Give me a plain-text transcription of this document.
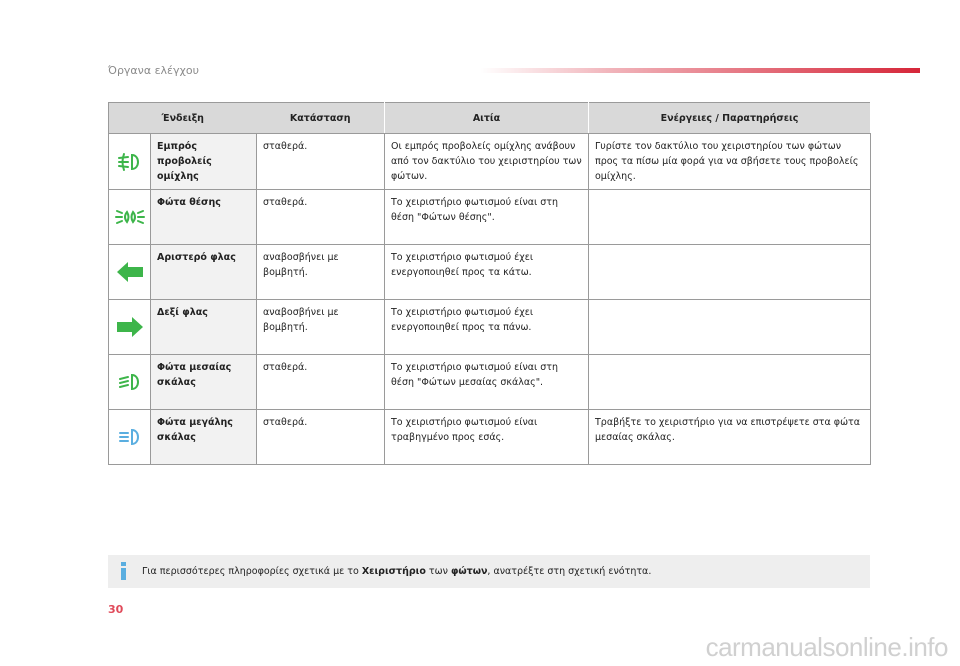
Όργανα ελέγχου
Ένδειξη		Κατάσταση	Αιτία	Ενέργειες / Παρατηρήσεις

	Εμπρός προβολείς ομίχλης	σταθερά.	Οι εμπρός προβολείς ομίχλης ανάβουν από τον δακτύλιο του χειριστηρίου των φώτων.	Γυρίστε τον δακτύλιο του χειριστηρίου των φώτων προς τα πίσω μία φορά για να σβήσετε τους προβολείς ομίχλης.

	Φώτα θέσης	σταθερά.	Το χειριστήριο φωτισμού είναι στη θέση "Φώτων θέσης".	

	Αριστερό φλας	αναβοσβήνει με βομβητή.	Το χειριστήριο φωτισμού έχει ενεργοποιηθεί προς τα κάτω.	

	Δεξί φλας	αναβοσβήνει με βομβητή.	Το χειριστήριο φωτισμού έχει ενεργοποιηθεί προς τα πάνω.	

	Φώτα μεσαίας σκάλας	σταθερά.	Το χειριστήριο φωτισμού είναι στη θέση "Φώτων μεσαίας σκάλας".	

	Φώτα μεγάλης σκάλας	σταθερά.	Το χειριστήριο φωτισμού είναι τραβηγμένο προς εσάς.	Τραβήξτε το χειριστήριο για να επιστρέψετε στα φώτα μεσαίας σκάλας.
Για περισσότερες πληροφορίες σχετικά με το Χειριστήριο των φώτων, ανατρέξτε στη σχετική ενότητα.
30
carmanualsonline.info
